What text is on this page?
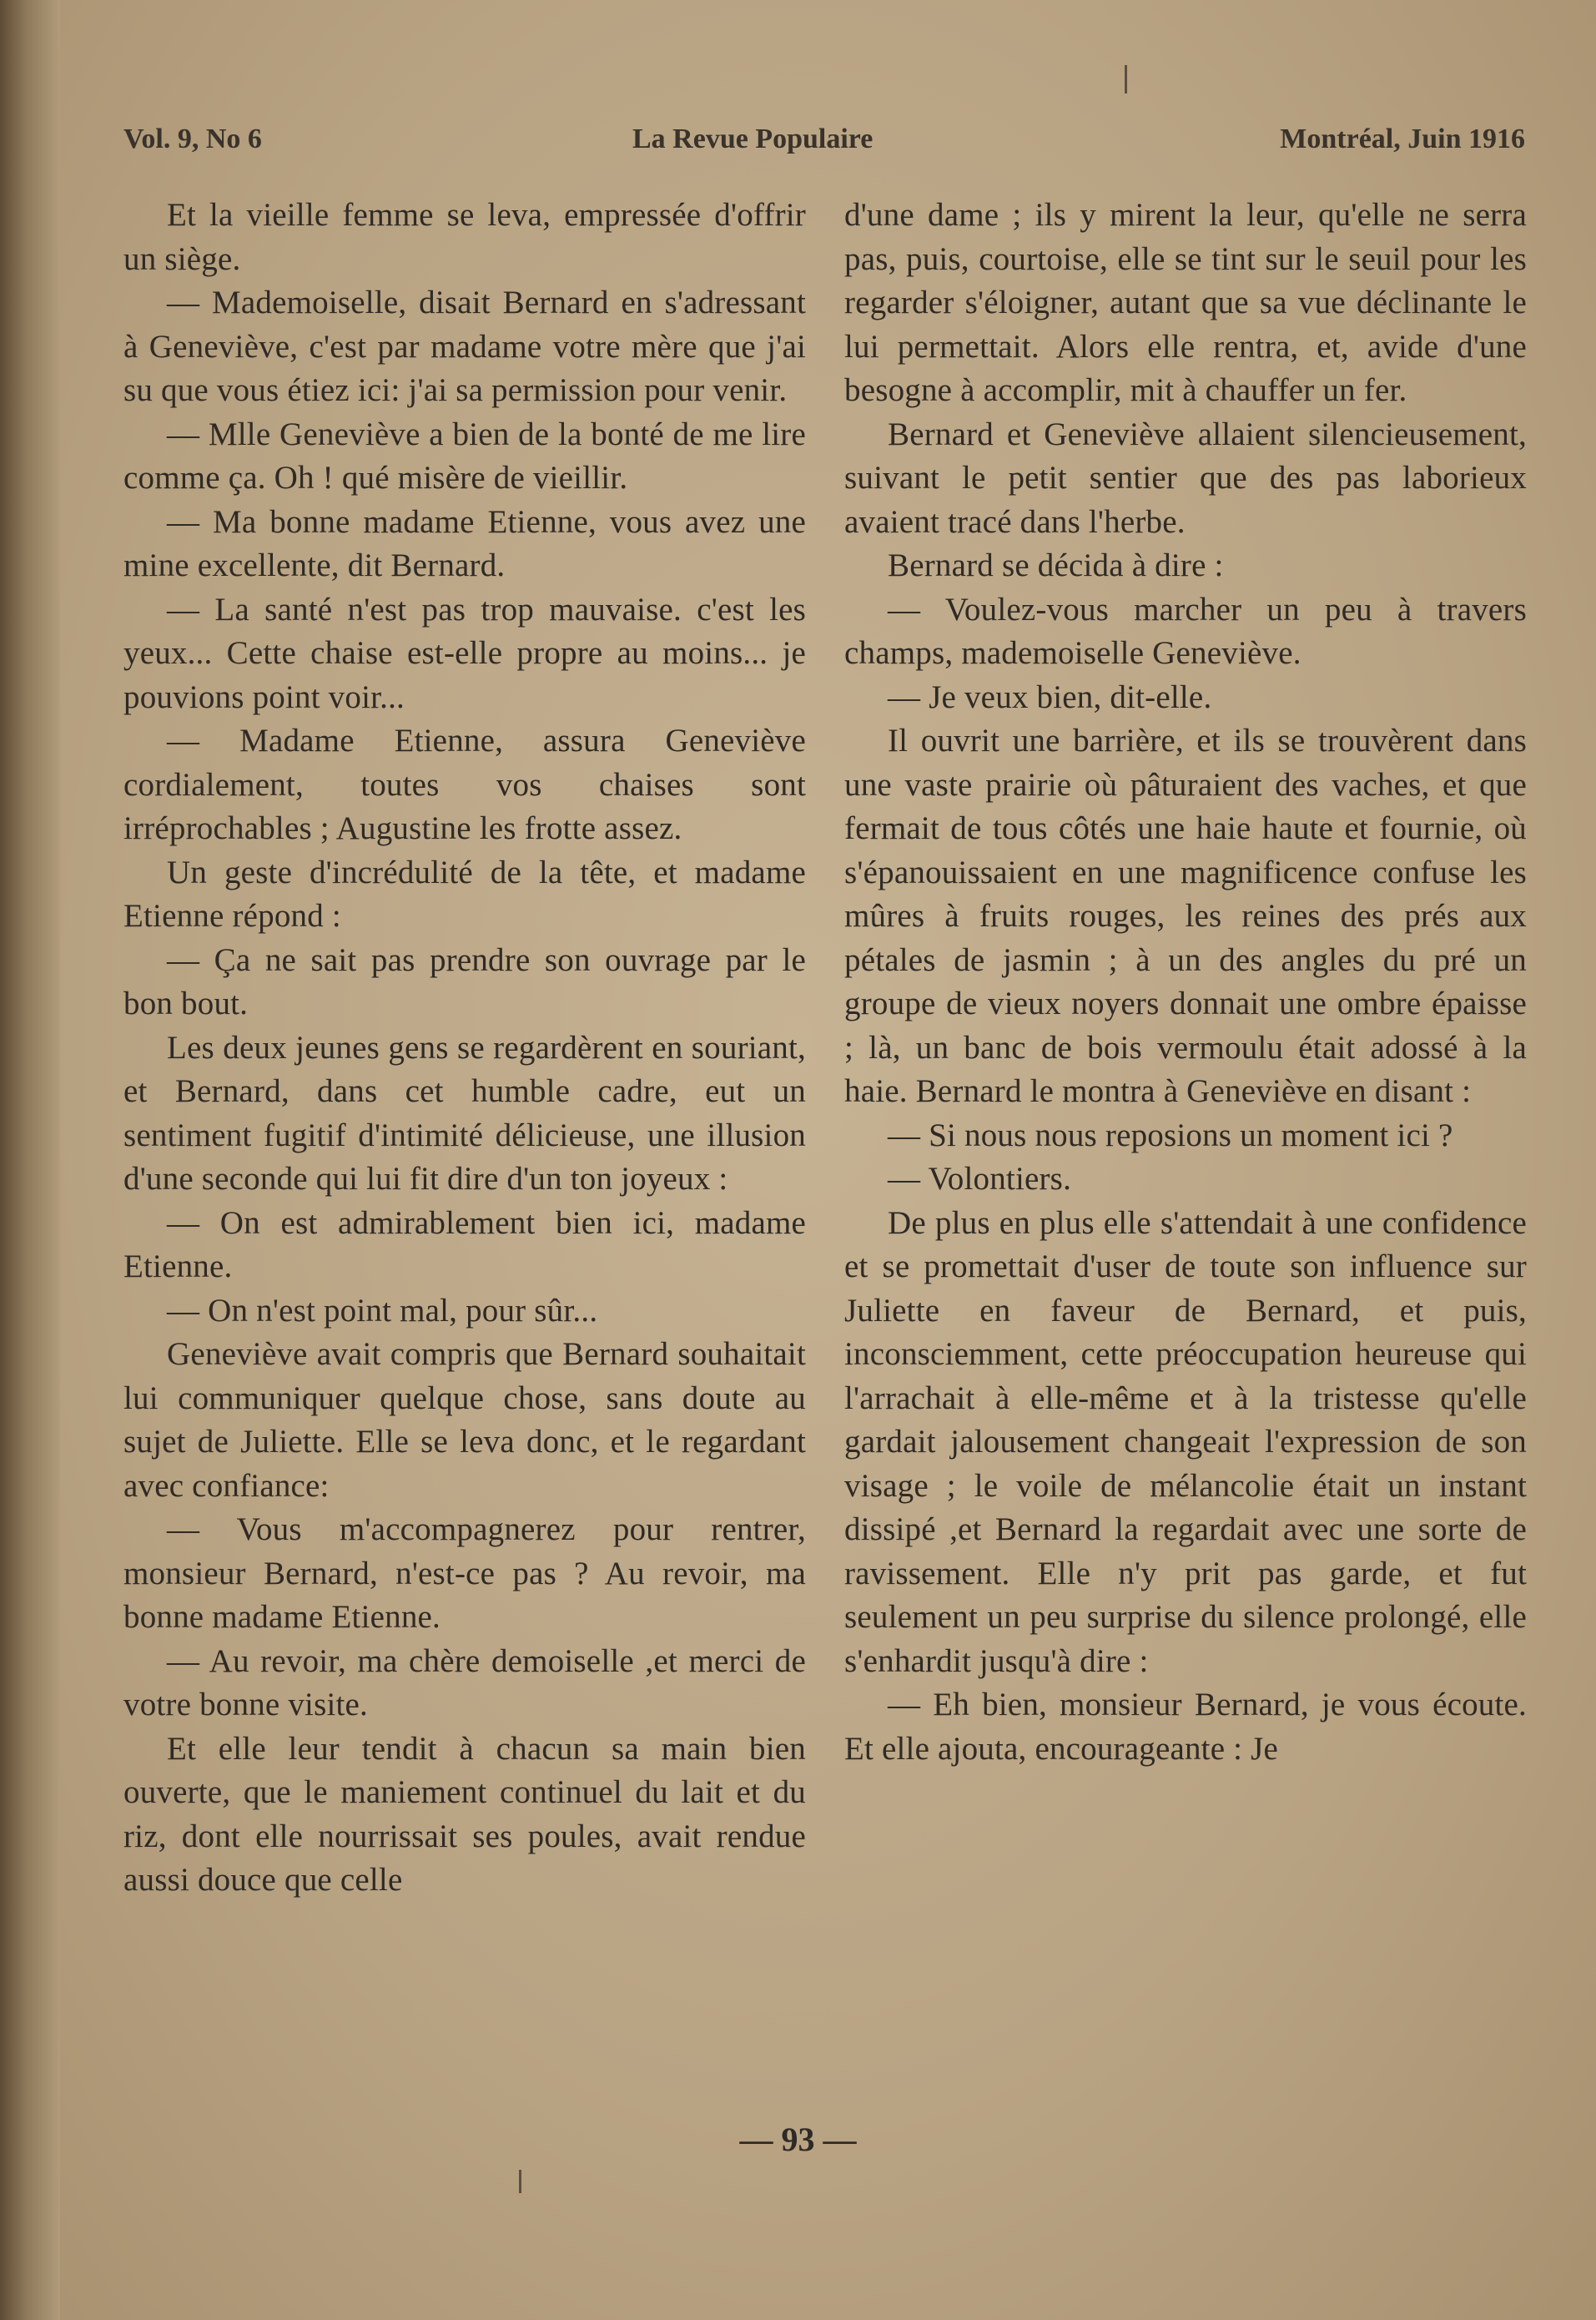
Vol. 9, No 6	La Revue Populaire	Montréal, Juin 1916

Et la vieille femme se leva, empressée d'offrir un siège.

— Mademoiselle, disait Bernard en s'adressant à Geneviève, c'est par madame votre mère que j'ai su que vous étiez ici: j'ai sa permission pour venir.

— Mlle Geneviève a bien de la bonté de me lire comme ça. Oh ! qué misère de vieillir.

— Ma bonne madame Etienne, vous avez une mine excellente, dit Bernard.

— La santé n'est pas trop mauvaise. c'est les yeux... Cette chaise est-elle propre au moins... je pouvions point voir...

— Madame Etienne, assura Geneviève cordialement, toutes vos chaises sont irréprochables ; Augustine les frotte assez.

Un geste d'incrédulité de la tête, et madame Etienne répond :

— Ça ne sait pas prendre son ouvrage par le bon bout.

Les deux jeunes gens se regardèrent en souriant, et Bernard, dans cet humble cadre, eut un sentiment fugitif d'intimité délicieuse, une illusion d'une seconde qui lui fit dire d'un ton joyeux :

— On est admirablement bien ici, madame Etienne.

— On n'est point mal, pour sûr...

Geneviève avait compris que Bernard souhaitait lui communiquer quelque chose, sans doute au sujet de Juliette. Elle se leva donc, et le regardant avec confiance:

— Vous m'accompagnerez pour rentrer, monsieur Bernard, n'est-ce pas ? Au revoir, ma bonne madame Etienne.

— Au revoir, ma chère demoiselle ,et merci de votre bonne visite.

Et elle leur tendit à chacun sa main bien ouverte, que le maniement continuel du lait et du riz, dont elle nourrissait ses poules, avait rendue aussi douce que celle

d'une dame ; ils y mirent la leur, qu'elle ne serra pas, puis, courtoise, elle se tint sur le seuil pour les regarder s'éloigner, autant que sa vue déclinante le lui permettait. Alors elle rentra, et, avide d'une besogne à accomplir, mit à chauffer un fer.

Bernard et Geneviève allaient silencieusement, suivant le petit sentier que des pas laborieux avaient tracé dans l'herbe.

Bernard se décida à dire :

— Voulez-vous marcher un peu à travers champs, mademoiselle Geneviève.

— Je veux bien, dit-elle.

Il ouvrit une barrière, et ils se trouvèrent dans une vaste prairie où pâturaient des vaches, et que fermait de tous côtés une haie haute et fournie, où s'épanouissaient en une magnificence confuse les mûres à fruits rouges, les reines des prés aux pétales de jasmin ; à un des angles du pré un groupe de vieux noyers donnait une ombre épaisse ; là, un banc de bois vermoulu était adossé à la haie. Bernard le montra à Geneviève en disant :

— Si nous nous reposions un moment ici ?

— Volontiers.

De plus en plus elle s'attendait à une confidence et se promettait d'user de toute son influence sur Juliette en faveur de Bernard, et puis, inconsciemment, cette préoccupation heureuse qui l'arrachait à elle-même et à la tristesse qu'elle gardait jalousement changeait l'expression de son visage ; le voile de mélancolie était un instant dissipé ,et Bernard la regardait avec une sorte de ravissement. Elle n'y prit pas garde, et fut seulement un peu surprise du silence prolongé, elle s'enhardit jusqu'à dire :

— Eh bien, monsieur Bernard, je vous écoute. Et elle ajouta, encourageante : Je

— 93 —
